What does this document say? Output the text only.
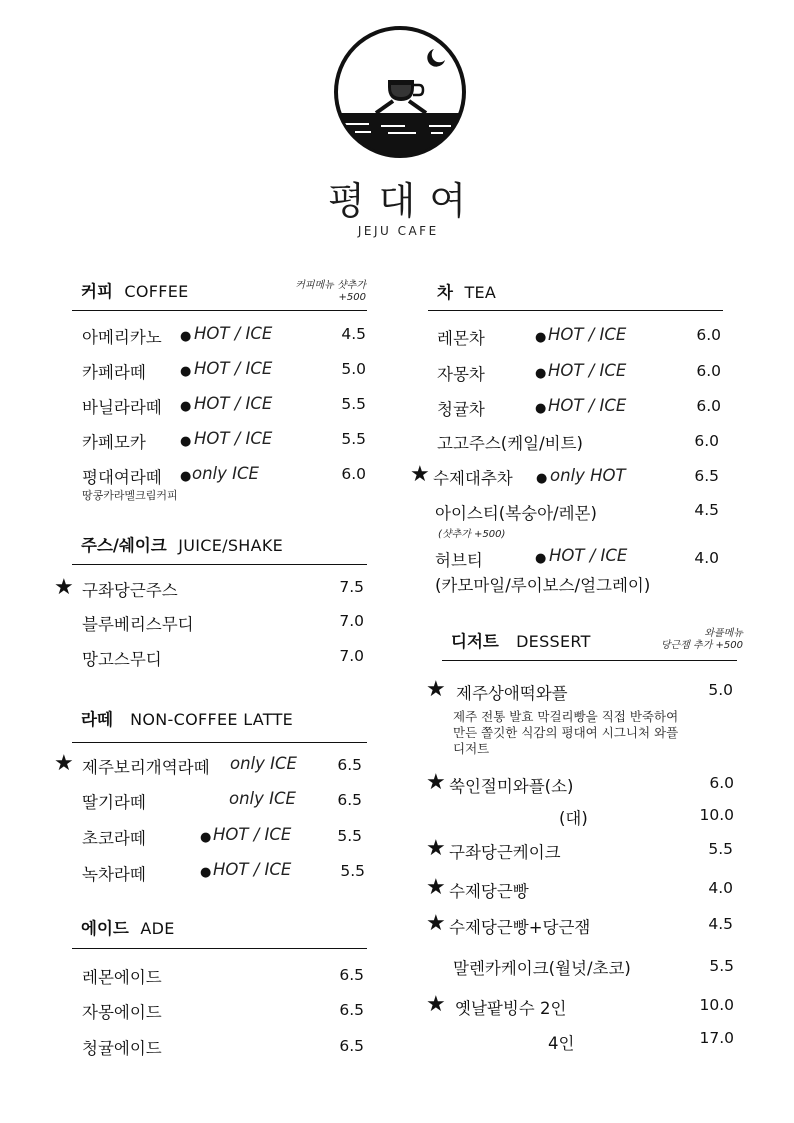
평대여
JEJU CAFE
커피 COFFEE	커피메뉴 샷추가
+500
아메리카노 ● HOT / ICE	4.5
카페라떼	● HOT / ICE	5.0
바닐라라떼 ● HOT / ICE	5.5
카페모카	● HOT / ICE	5.5
평대여라떼 ● only ICE	6.0
땅콩카라멜크림커피
주스/쉐이크 JUICE/SHAKE
★ 구좌당근주스	7.5
블루베리스무디	7.0
망고스무디	7.0
라떼 NON-COFFEE LATTE
★ 제주보리개역라떼 only ICE	6.5
딸기라떼	only ICE	6.5
초코라떼	● HOT / ICE	5.5
녹차라떼	● HOT / ICE	5.5
에이드 ADE
레몬에이드	6.5
자몽에이드	6.5
청귤에이드	6.5
차 TEA
레몬차	● HOT / ICE	6.0
자몽차	● HOT / ICE	6.0
청귤차	● HOT / ICE	6.0
고고주스(케일/비트)	6.0
★ 수제대추차 ● only HOT	6.5
아이스티(복숭아/레몬)	4.5
(샷추가 +500)
허브티	● HOT / ICE	4.0
(카모마일/루이보스/얼그레이)
디저트 DESSERT	와플메뉴
당근잼 추가 +500
★ 제주상애떡와플	5.0
제주 전통 발효 막걸리빵을 직접 반죽하여 만든 쫄깃한 식감의 평대여 시그니처 와플 디저트
★ 쑥인절미와플(소)	6.0
(대)	10.0
★ 구좌당근케이크	5.5
★ 수제당근빵	4.0
★ 수제당근빵+당근잼	4.5
말렌카케이크(월넛/초코)	5.5
★ 옛날팥빙수 2인	10.0
4인	17.0
